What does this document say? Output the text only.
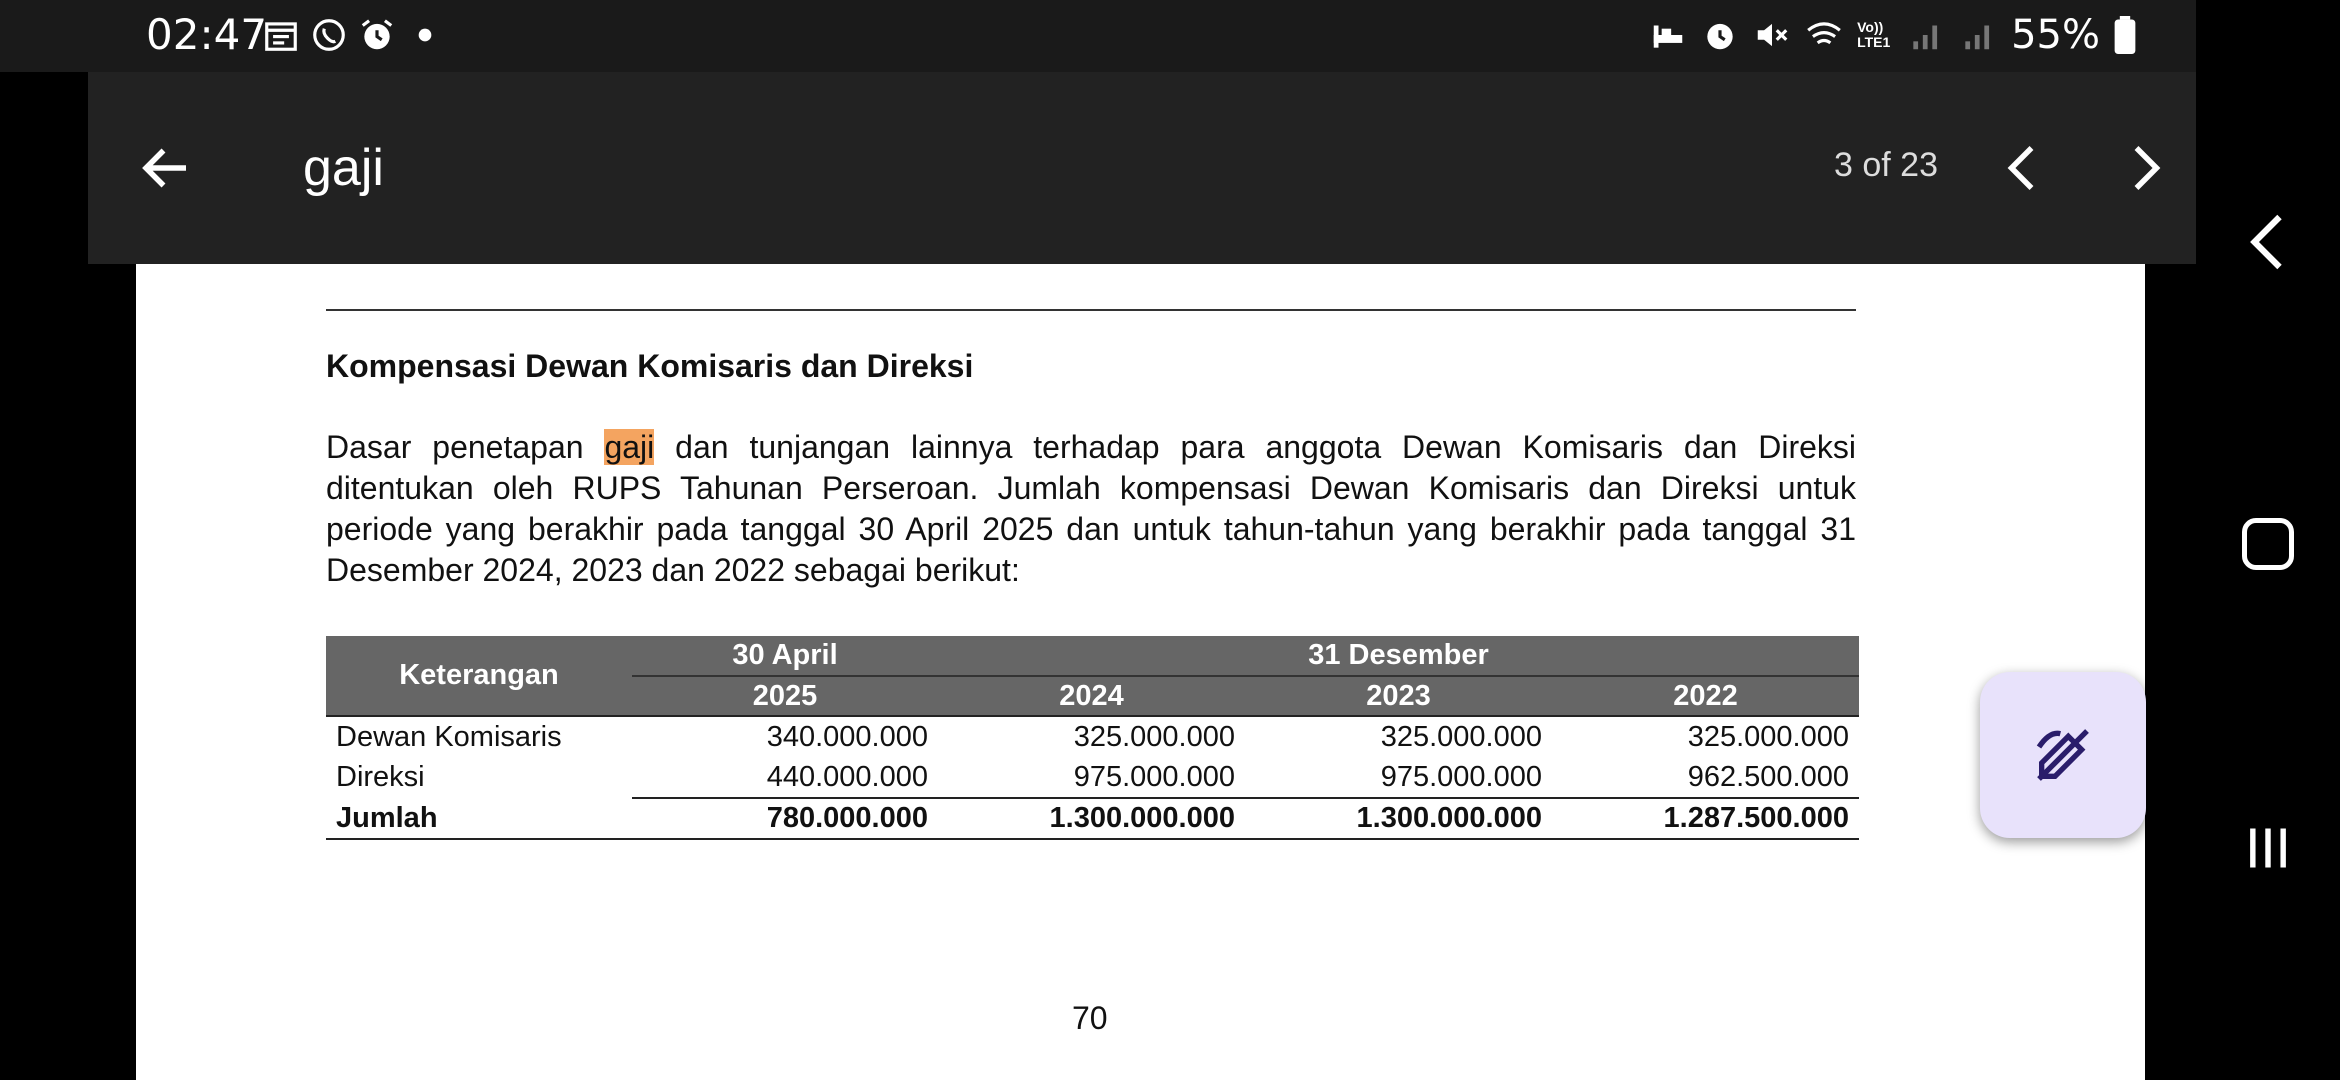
02:47	Vo)) LTE1	55%
gaji	3 of 23
Kompensasi Dewan Komisaris dan Direksi

Dasar penetapan gaji dan tunjangan lainnya terhadap para anggota Dewan Komisaris dan Direksi ditentukan oleh RUPS Tahunan Perseroan. Jumlah kompensasi Dewan Komisaris dan Direksi untuk periode yang berakhir pada tanggal 30 April 2025 dan untuk tahun-tahun yang berakhir pada tanggal 31 Desember 2024, 2023 dan 2022 sebagai berikut:

Keterangan	30 April	31 Desember		
	2025	2024	2023	2022
Dewan Komisaris	340.000.000	325.000.000	325.000.000	325.000.000
Direksi	440.000.000	975.000.000	975.000.000	962.500.000
Jumlah	780.000.000	1.300.000.000	1.300.000.000	1.287.500.000
70
